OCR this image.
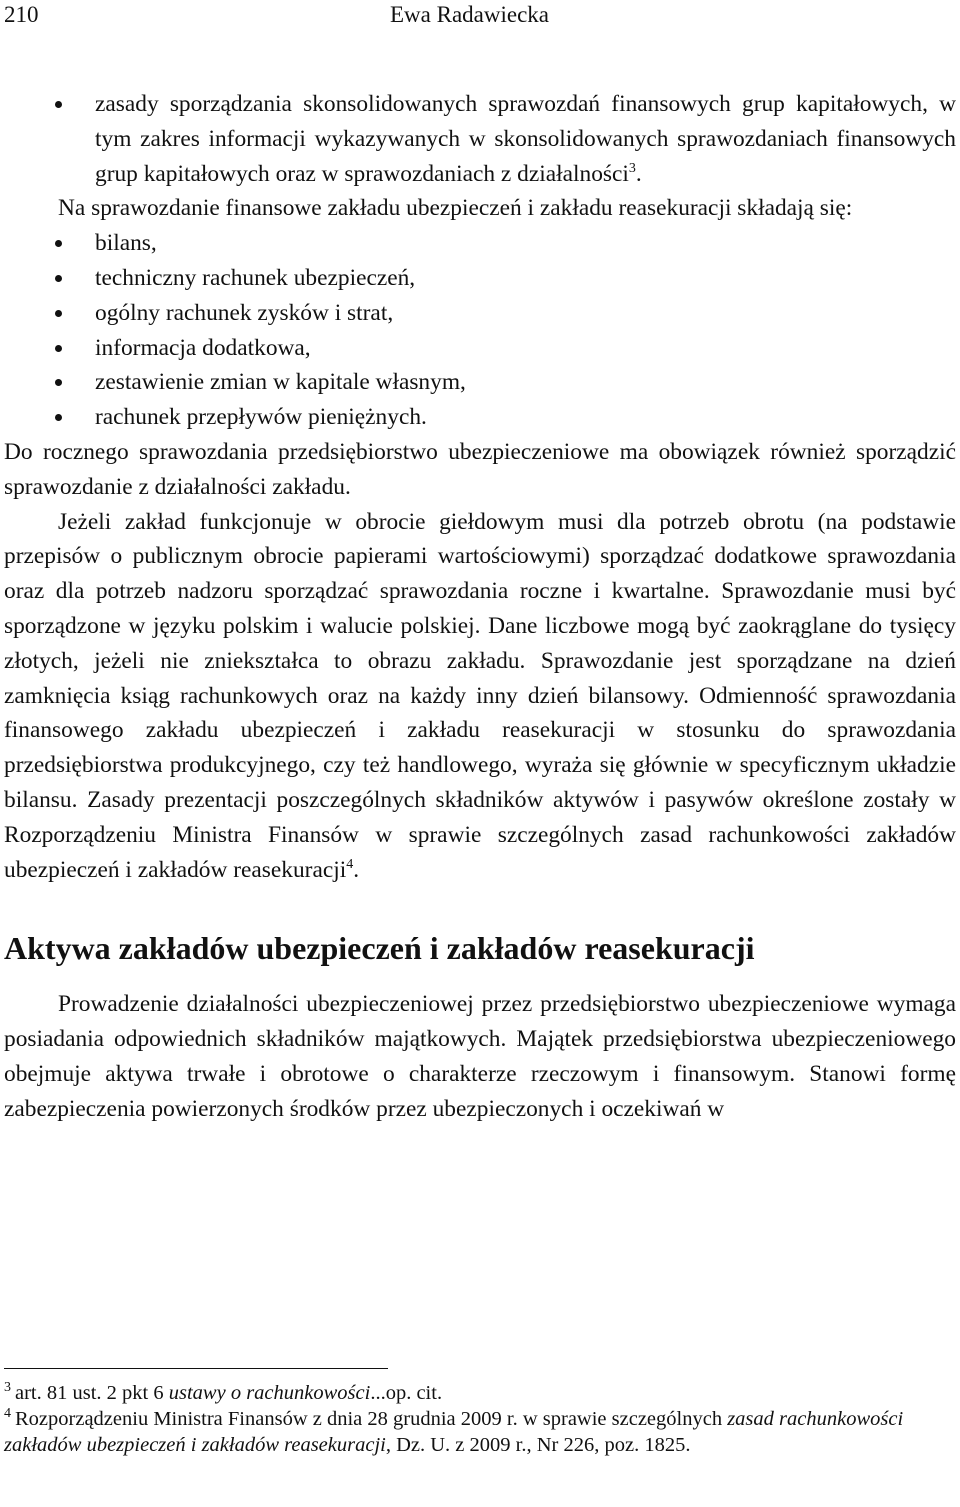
210	Ewa Radawiecka
zasady sporządzania skonsolidowanych sprawozdań finansowych grup kapitałowych, w tym zakres informacji wykazywanych w skonsolidowanych sprawozdaniach finansowych grup kapitałowych oraz w sprawozdaniach z działalności$^3$.

Na sprawozdanie finansowe zakładu ubezpieczeń i zakładu reasekuracji składają się:

bilans,
techniczny rachunek ubezpieczeń,
ogólny rachunek zysków i strat,
informacja dodatkowa,
zestawienie zmian w kapitale własnym,
rachunek przepływów pieniężnych.

Do rocznego sprawozdania przedsiębiorstwo ubezpieczeniowe ma obowiązek również sporządzić sprawozdanie z działalności zakładu.

Jeżeli zakład funkcjonuje w obrocie giełdowym musi dla potrzeb obrotu (na podstawie przepisów o publicznym obrocie papierami wartościowymi) sporządzać dodatkowe sprawozdania oraz dla potrzeb nadzoru sporządzać sprawozdania roczne i kwartalne. Sprawozdanie musi być sporządzone w języku polskim i walucie polskiej. Dane liczbowe mogą być zaokrąglane do tysięcy złotych, jeżeli nie zniekształca to obrazu zakładu. Sprawozdanie jest sporządzane na dzień zamknięcia ksiąg rachunkowych oraz na każdy inny dzień bilansowy. Odmienność sprawozdania finansowego zakładu ubezpieczeń i zakładu reasekuracji w stosunku do sprawozdania przedsiębiorstwa produkcyjnego, czy też handlowego, wyraża się głównie w specyficznym układzie bilansu. Zasady prezentacji poszczególnych składników aktywów i pasywów określone zostały w Rozporządzeniu Ministra Finansów w sprawie szczególnych zasad rachunkowości zakładów ubezpieczeń i zakładów reasekuracji$^4$.

Aktywa zakładów ubezpieczeń i zakładów reasekuracji

Prowadzenie działalności ubezpieczeniowej przez przedsiębiorstwo ubezpieczeniowe wymaga posiadania odpowiednich składników majątkowych. Majątek przedsiębiorstwa ubezpieczeniowego obejmuje aktywa trwałe i obrotowe o charakterze rzeczowym i finansowym. Stanowi formę zabezpieczenia powierzonych środków przez ubezpieczonych i oczekiwań w

$^3$ art. 81 ust. 2 pkt 6 ustawy o rachunkowości...op. cit.

$^4$ Rozporządzeniu Ministra Finansów z dnia 28 grudnia 2009 r. w sprawie szczególnych zasad rachunkowości zakładów ubezpieczeń i zakładów reasekuracji, Dz. U. z 2009 r., Nr 226, poz. 1825.
